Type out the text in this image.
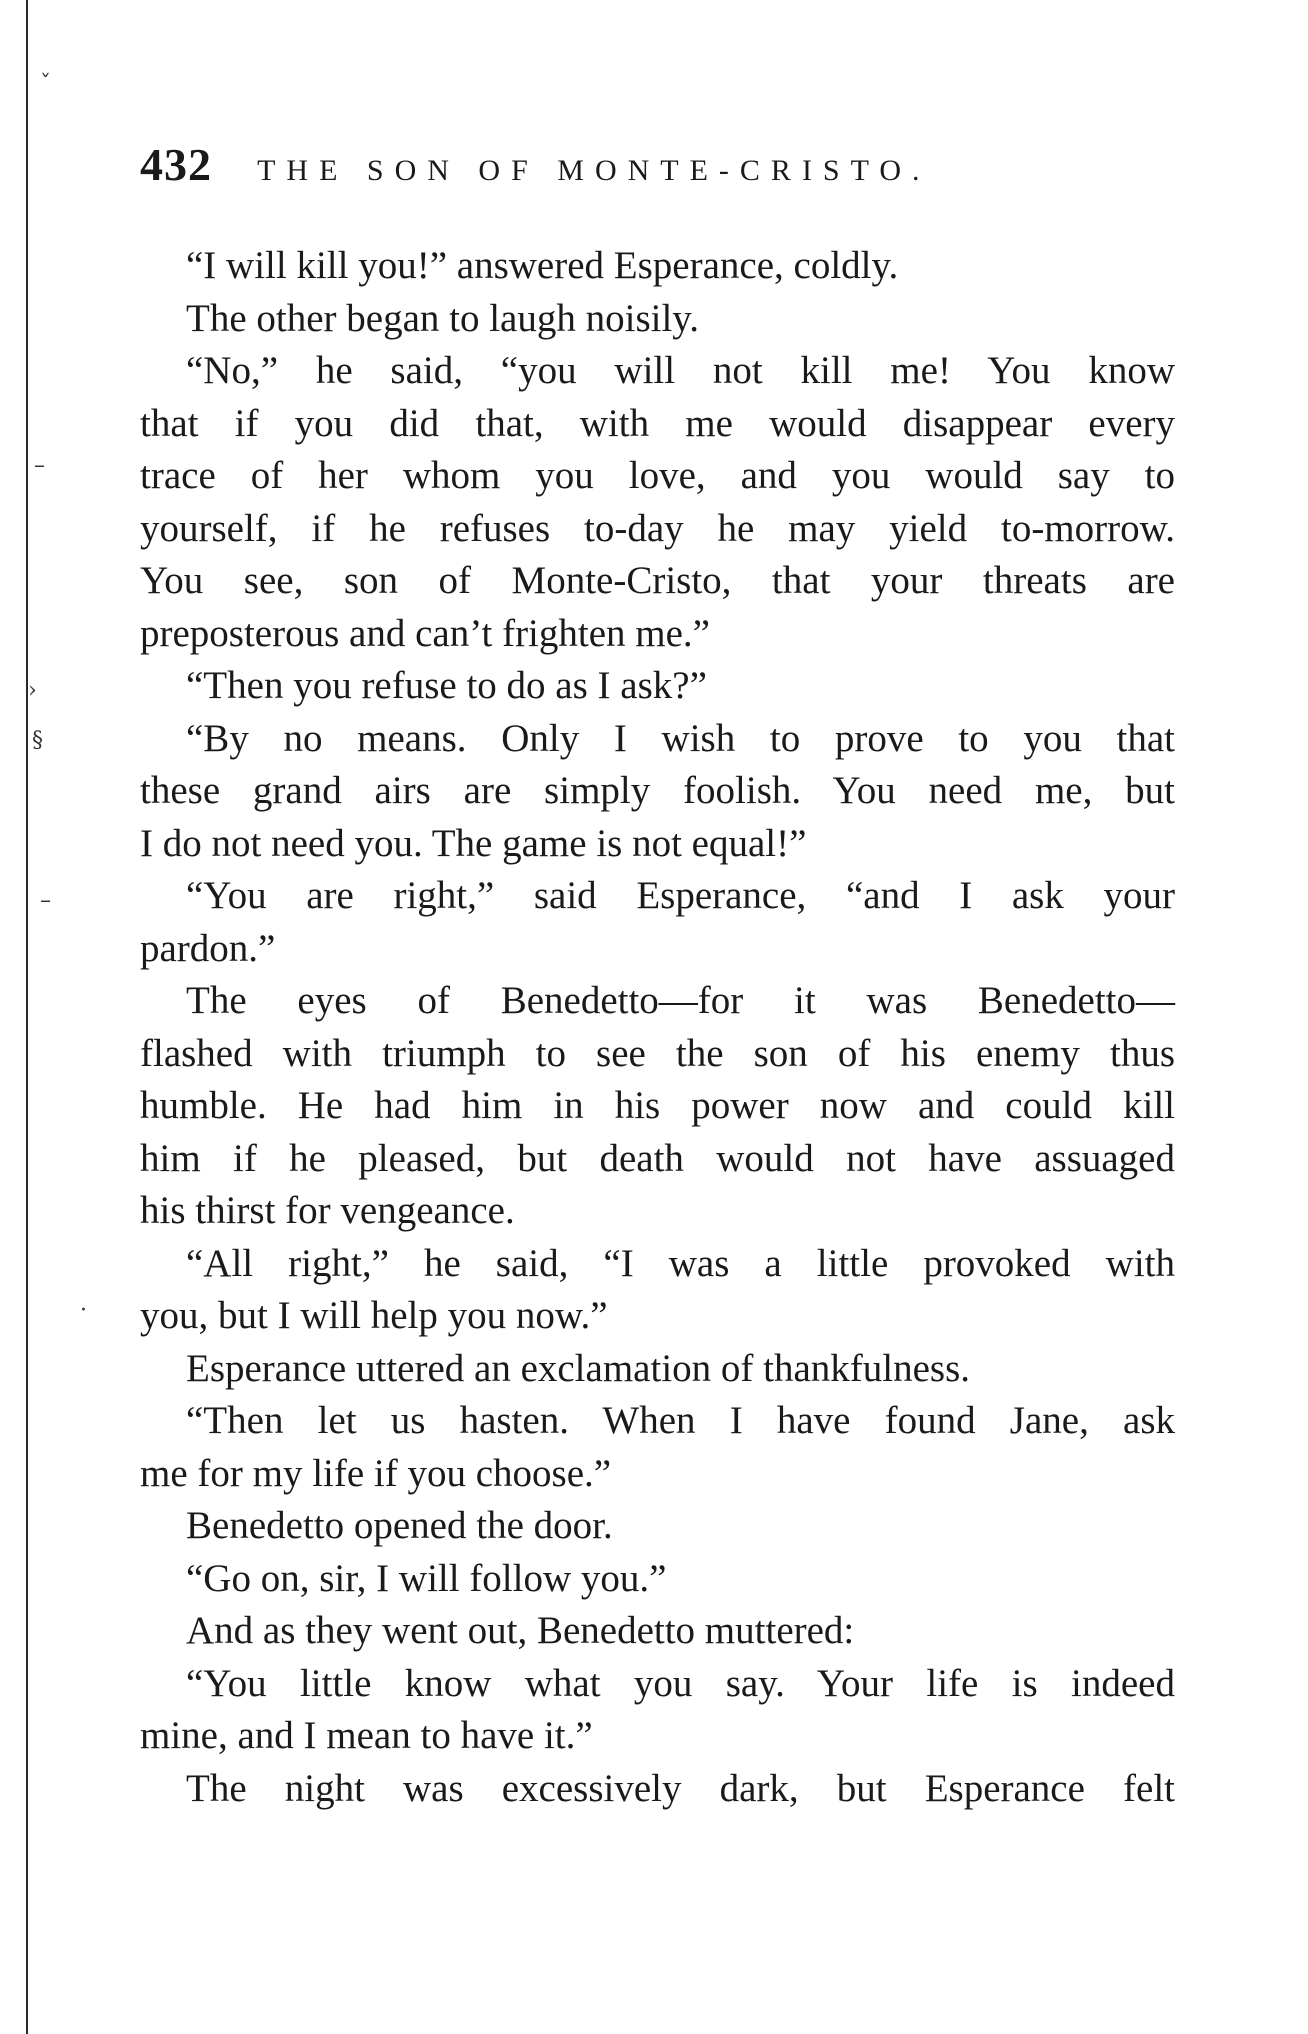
ˇ
–
›
§
–
·
432 THE SON OF MONTE-CRISTO.
“I will kill you!” answered Esperance, coldly.
The other began to laugh noisily.
“No,” he said, “you will not kill me! You know
that if you did that, with me would disappear every
trace of her whom you love, and you would say to
yourself, if he refuses to-day he may yield to-morrow.
You see, son of Monte-Cristo, that your threats are
preposterous and can’t frighten me.”
“Then you refuse to do as I ask?”
“By no means. Only I wish to prove to you that
these grand airs are simply foolish. You need me, but
I do not need you. The game is not equal!”
“You are right,” said Esperance, “and I ask your
pardon.”
The eyes of Benedetto—for it was Benedetto—
flashed with triumph to see the son of his enemy thus
humble. He had him in his power now and could kill
him if he pleased, but death would not have assuaged
his thirst for vengeance.
“All right,” he said, “I was a little provoked with
you, but I will help you now.”
Esperance uttered an exclamation of thankfulness.
“Then let us hasten. When I have found Jane, ask
me for my life if you choose.”
Benedetto opened the door.
“Go on, sir, I will follow you.”
And as they went out, Benedetto muttered:
“You little know what you say. Your life is indeed
mine, and I mean to have it.”
The night was excessively dark, but Esperance felt
